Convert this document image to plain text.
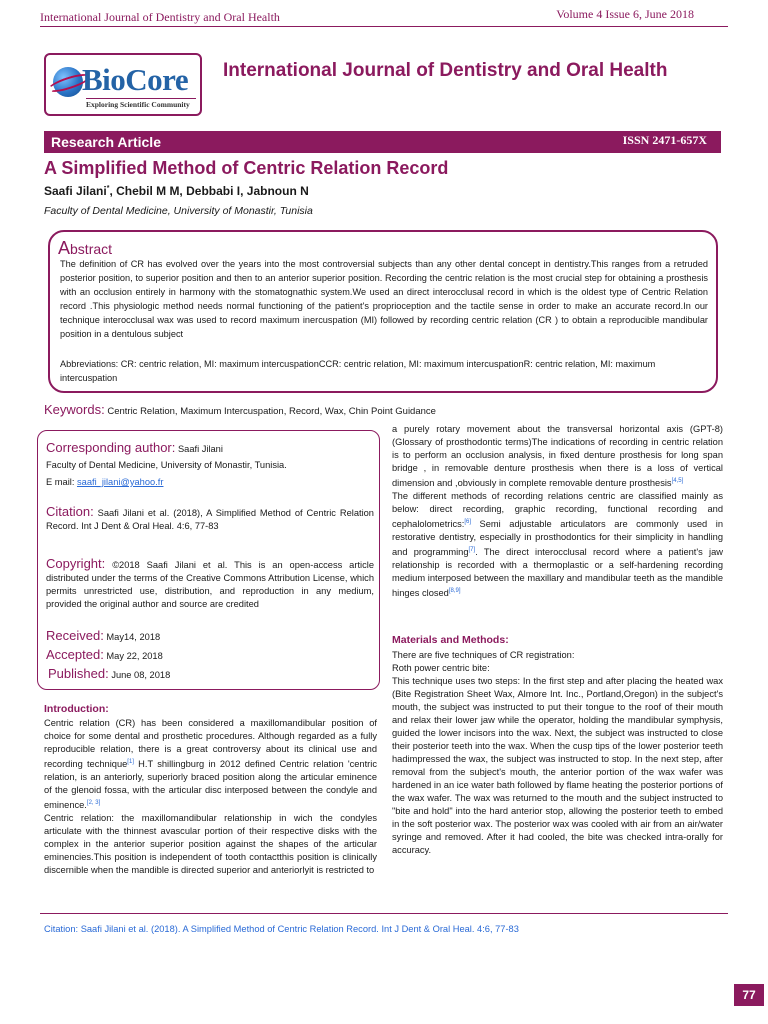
International Journal of Dentistry and Oral Health	Volume 4 Issue 6, June 2018
BioCore
Exploring Scientific Community
International Journal of Dentistry and Oral Health
Research Article	ISSN 2471-657X
A Simplified Method of Centric Relation Record
Saafi Jilani*, Chebil M M, Debbabi I, Jabnoun N
Faculty of Dental Medicine, University of Monastir, Tunisia
Abstract
The definition of CR has evolved over the years into the most controversial subjects than any other dental concept in dentistry.This ranges from a retruded posterior position, to superior position and then to an anterior superior position. Recording the centric relation is the most crucial step for obtaining a prosthesis with an occlusion entirely in harmony with the stomatognathic system.We used an direct interocclusal record in which is the oldest type of Centric Relation record .This physiologic method needs normal functioning of the patient's proprioception and the tactile sense in order to make an accurate record.In our technique interocclusal wax was used to record maximum inercuspation (MI) followed by recording centric relation (CR ) to obtain a reproducible mandibular position in a dentulous subject
Abbreviations: CR: centric relation, MI: maximum intercuspationCCR: centric relation, MI: maximum intercuspationR: centric relation, MI: maximum intercuspation
Keywords: Centric Relation, Maximum Intercuspation, Record, Wax, Chin Point Guidance
Corresponding author: Saafi Jilani
Faculty of Dental Medicine, University of Monastir, Tunisia.
E mail: saafi_jilani@yahoo.fr
Citation: Saafi Jilani et al. (2018), A Simplified Method of Centric Relation Record. Int J Dent & Oral Heal. 4:6, 77-83
Copyright: ©2018 Saafi Jilani et al. This is an open-access article distributed under the terms of the Creative Commons Attribution License, which permits unrestricted use, distribution, and reproduction in any medium, provided the original author and source are credited
Received: May14, 2018
Accepted: May 22, 2018
Published: June 08, 2018
Introduction:
Centric relation (CR) has been considered a maxillomandibular position of choice for some dental and prosthetic procedures. Although regarded as a fully reproducible relation, there is a great controversy about its clinical use and recording technique[1] H.T shillingburg in 2012 defined Centric relation 'centric relation, is an anteriorly, superiorly braced position along the articular eminence of the glenoid fossa, with the articular disc interposed between the condyle and eminence.[2, 3]
Centric relation: the maxillomandibular relationship in wich the condyles articulate with the thinnest avascular portion of their respective disks with the complex in the anterior superior position against the shapes of the articular eminencies.This position is independent of tooth contactthis position is clinically discernible when the mandible is directed superior and anteriorlyit is restricted to
a purely rotary movement about the transversal horizontal axis (GPT-8) (Glossary of prosthodontic terms)The indications of recording in centric relation is to perform an occlusion analysis, in fixed denture prosthesis for long span bridge , in removable denture prosthesis when there is a loss of vertical dimension and ,obviously in complete removable denture prosthesis[4,5]
The different methods of recording relations centric are classified mainly as below: direct recording, graphic recording, functional recording and cephalolometrics:[6] Semi adjustable articulators are commonly used in restorative dentistry, especially in prosthodontics for their simplicity in handling and programming[7]. The direct interocclusal record where a patient's jaw relationship is recorded with a thermoplastic or a self-hardening recording medium interposed between the maxillary and mandibular teeth as the mandible hinges closed[8,9]
Materials and Methods:
There are five techniques of CR registration:
Roth power centric bite:
This technique uses two steps: In the first step and after placing the heated wax (Bite Registration Sheet Wax, Almore Int. Inc., Portland,Oregon) in the subject's mouth, the subject was instructed to put their tongue to the roof of their mouth and relax their lower jaw while the operator, holding the mandibular symphysis, guided the lower incisors into the wax. Next, the subject was instructed to close their posterior teeth into the wax. When the cusp tips of the lower posterior teeth hadimpressed the wax, the subject was instructed to stop. In the next step, after removal from the subject's mouth, the anterior portion of the wax wafer was hardened in an ice water bath followed by flame heating the posterior portions of the wax wafer. The wax was returned to the mouth and the subject instructed to "bite and hold" into the hard anterior stop, allowing the posterior teeth to embed in the soft posterior wax. The posterior wax was cooled with air from an air/water syringe and removed. After it had cooled, the bite was checked intra-orally for accuracy.
Citation: Saafi Jilani et al. (2018). A Simplified Method of Centric Relation Record. Int J Dent & Oral Heal. 4:6, 77-83
77
